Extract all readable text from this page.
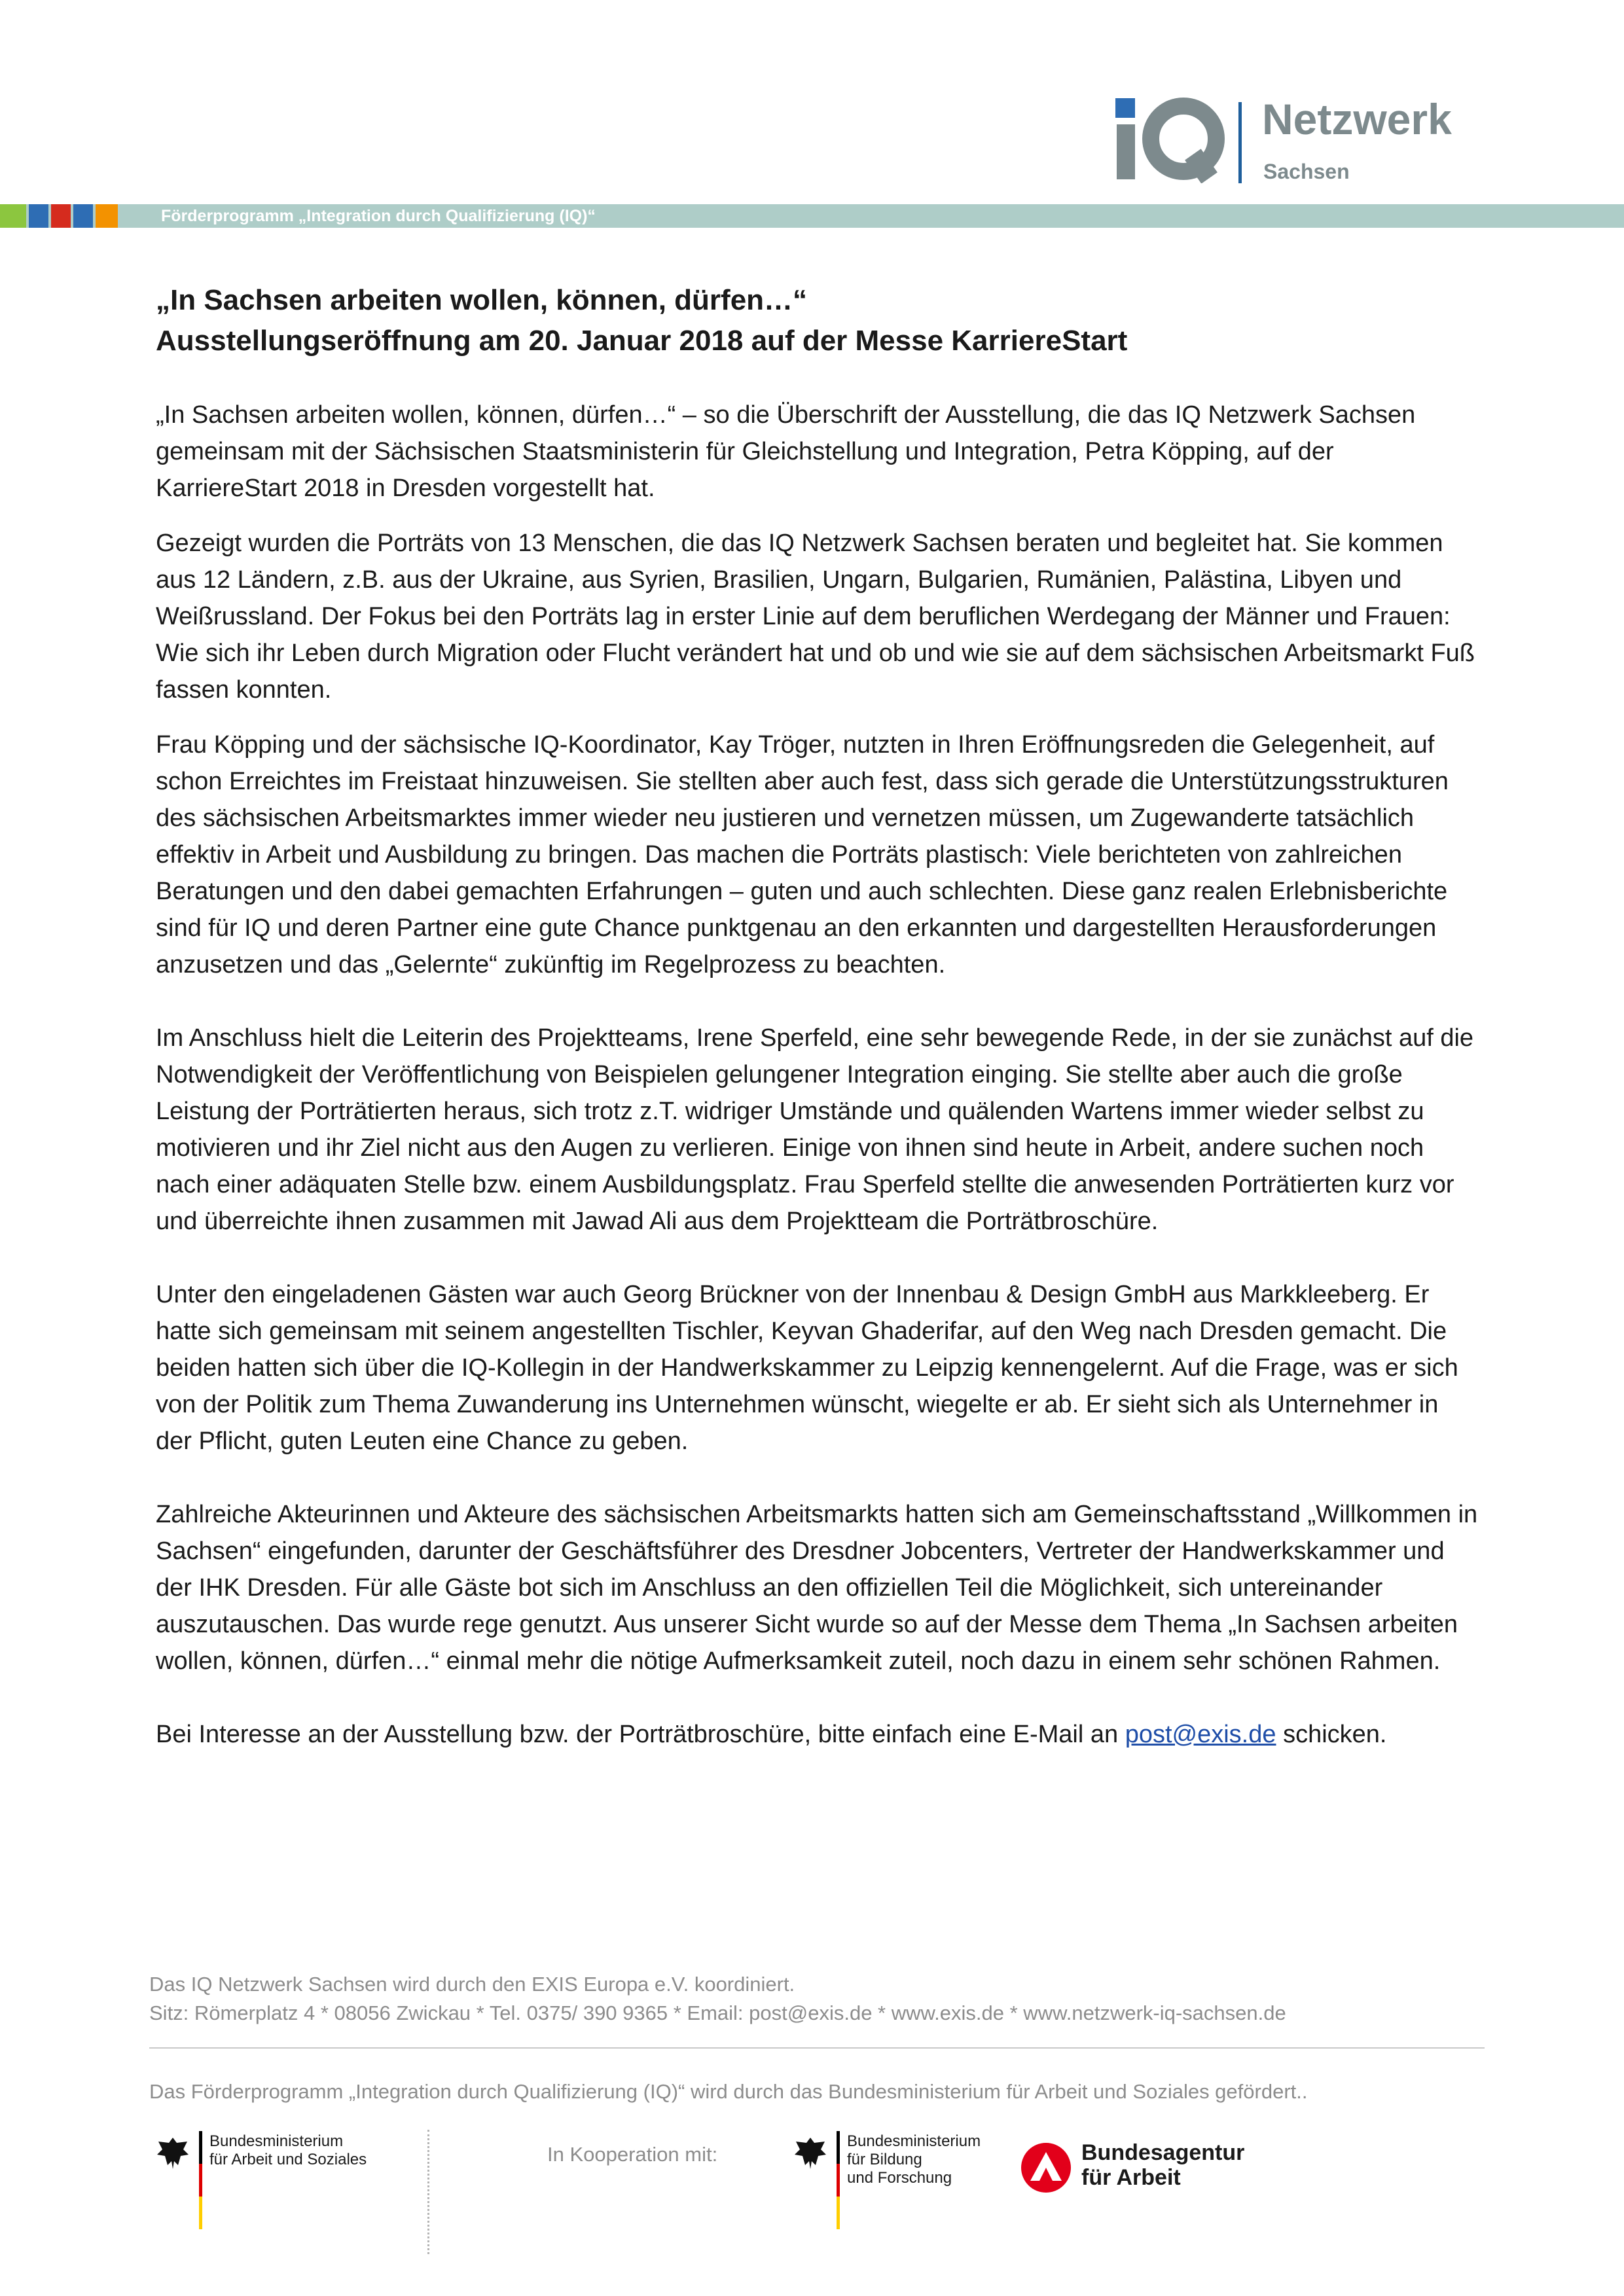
Netzwerk
Sachsen
Förderprogramm „Integration durch Qualifizierung (IQ)“
„In Sachsen arbeiten wollen, können, dürfen…“
Ausstellungseröffnung am 20. Januar 2018 auf der Messe KarriereStart

„In Sachsen arbeiten wollen, können, dürfen…“ – so die Überschrift der Ausstellung, die das IQ Netzwerk Sachsen gemeinsam mit der Sächsischen Staatsministerin für Gleichstellung und Integration, Petra Köpping, auf der KarriereStart 2018 in Dresden vorgestellt hat.

Gezeigt wurden die Porträts von 13 Menschen, die das IQ Netzwerk Sachsen beraten und begleitet hat. Sie kommen aus 12 Ländern, z.B. aus der Ukraine, aus Syrien, Brasilien, Ungarn, Bulgarien, Rumänien, Palästina, Libyen und Weißrussland. Der Fokus bei den Porträts lag in erster Linie auf dem beruflichen Werdegang der Männer und Frauen: Wie sich ihr Leben durch Migration oder Flucht verändert hat und ob und wie sie auf dem sächsischen Arbeitsmarkt Fuß fassen konnten.

Frau Köpping und der sächsische IQ-Koordinator, Kay Tröger, nutzten in Ihren Eröffnungsreden die Gelegenheit, auf schon Erreichtes im Freistaat hinzuweisen. Sie stellten aber auch fest, dass sich gerade die Unterstützungsstrukturen des sächsischen Arbeitsmarktes immer wieder neu justieren und vernetzen müssen, um Zugewanderte tatsächlich effektiv in Arbeit und Ausbildung zu bringen. Das machen die Porträts plastisch: Viele berichteten von zahlreichen Beratungen und den dabei gemachten Erfahrungen – guten und auch schlechten. Diese ganz realen Erlebnisberichte sind für IQ und deren Partner eine gute Chance punktgenau an den erkannten und dargestellten Herausforderungen anzusetzen und das „Gelernte“ zukünftig im Regelprozess zu beachten.

Im Anschluss hielt die Leiterin des Projektteams, Irene Sperfeld, eine sehr bewegende Rede, in der sie zunächst auf die Notwendigkeit der Veröffentlichung von Beispielen gelungener Integration einging. Sie stellte aber auch die große Leistung der Porträtierten heraus, sich trotz z.T. widriger Umstände und quälenden Wartens immer wieder selbst zu motivieren und ihr Ziel nicht aus den Augen zu verlieren. Einige von ihnen sind heute in Arbeit, andere suchen noch nach einer adäquaten Stelle bzw. einem Ausbildungsplatz. Frau Sperfeld stellte die anwesenden Porträtierten kurz vor und überreichte ihnen zusammen mit Jawad Ali aus dem Projektteam die Porträtbroschüre.

Unter den eingeladenen Gästen war auch Georg Brückner von der Innenbau & Design GmbH aus Markkleeberg. Er hatte sich gemeinsam mit seinem angestellten Tischler, Keyvan Ghaderifar, auf den Weg nach Dresden gemacht. Die beiden hatten sich über die IQ-Kollegin in der Handwerkskammer zu Leipzig kennengelernt. Auf die Frage, was er sich von der Politik zum Thema Zuwanderung ins Unternehmen wünscht, wiegelte er ab. Er sieht sich als Unternehmer in der Pflicht, guten Leuten eine Chance zu geben.

Zahlreiche Akteurinnen und Akteure des sächsischen Arbeitsmarkts hatten sich am Gemeinschaftsstand „Willkommen in Sachsen“ eingefunden, darunter der Geschäftsführer des Dresdner Jobcenters, Vertreter der Handwerkskammer und der IHK Dresden. Für alle Gäste bot sich im Anschluss an den offiziellen Teil die Möglichkeit, sich untereinander auszutauschen. Das wurde rege genutzt. Aus unserer Sicht wurde so auf der Messe dem Thema „In Sachsen arbeiten wollen, können, dürfen…“ einmal mehr die nötige Aufmerksamkeit zuteil, noch dazu in einem sehr schönen Rahmen.

Bei Interesse an der Ausstellung bzw. der Porträtbroschüre, bitte einfach eine E-Mail an post@exis.de schicken.

Das IQ Netzwerk Sachsen wird durch den EXIS Europa e.V. koordiniert.
Sitz: Römerplatz 4 * 08056 Zwickau * Tel. 0375/ 390 9365 * Email: post@exis.de * www.exis.de * www.netzwerk-iq-sachsen.de
Das Förderprogramm „Integration durch Qualifizierung (IQ)“ wird durch das Bundesministerium für Arbeit und Soziales gefördert..
Bundesministerium
für Arbeit und Soziales	In Kooperation mit:
Bundesministerium
für Bildung
und Forschung
Bundesagentur
für Arbeit
